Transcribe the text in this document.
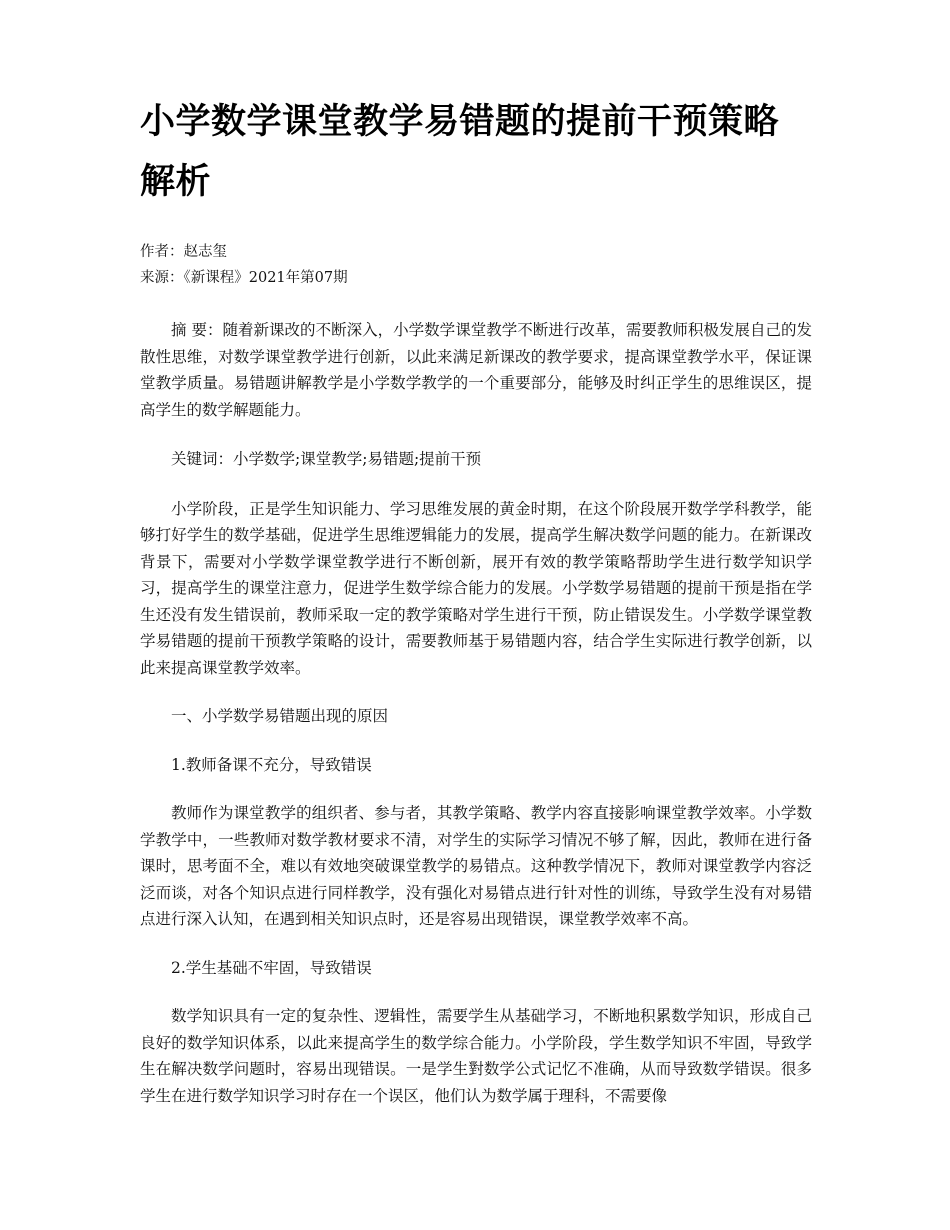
小学数学课堂教学易错题的提前干预策略解析
作者：赵志玺
来源：《新课程》2021年第07期

摘 要：随着新课改的不断深入，小学数学课堂教学不断进行改革，需要教师积极发展自己的发散性思维，对数学课堂教学进行创新，以此来满足新课改的教学要求，提高课堂教学水平，保证课堂教学质量。易错题讲解教学是小学数学教学的一个重要部分，能够及时纠正学生的思维误区，提高学生的数学解题能力。

关键词：小学数学;课堂教学;易错题;提前干预

小学阶段，正是学生知识能力、学习思维发展的黄金时期，在这个阶段展开数学学科教学，能够打好学生的数学基础，促进学生思维逻辑能力的发展，提高学生解决数学问题的能力。在新课改背景下，需要对小学数学课堂教学进行不断创新，展开有效的教学策略帮助学生进行数学知识学习，提高学生的课堂注意力，促进学生数学综合能力的发展。小学数学易错题的提前干预是指在学生还没有发生错误前，教师采取一定的教学策略对学生进行干预，防止错误发生。小学数学课堂教学易错题的提前干预教学策略的设计，需要教师基于易错题内容，结合学生实际进行教学创新，以此来提高课堂教学效率。

一、小学数学易错题出现的原因

1.教师备课不充分，导致错误

教师作为课堂教学的组织者、参与者，其教学策略、教学内容直接影响课堂教学效率。小学数学教学中，一些教师对数学教材要求不清，对学生的实际学习情况不够了解，因此，教师在进行备课时，思考面不全，难以有效地突破课堂教学的易错点。这种教学情况下，教师对课堂教学内容泛泛而谈，对各个知识点进行同样教学，没有强化对易错点进行针对性的训练，导致学生没有对易错点进行深入认知，在遇到相关知识点时，还是容易出现错误，课堂教学效率不高。

2.学生基础不牢固，导致错误

数学知识具有一定的复杂性、逻辑性，需要学生从基础学习，不断地积累数学知识，形成自己良好的数学知识体系，以此来提高学生的数学综合能力。小学阶段，学生数学知识不牢固，导致学生在解决数学问题时，容易出现错误。一是学生對数学公式记忆不准确，从而导致数学错误。很多学生在进行数学知识学习时存在一个误区，他们认为数学属于理科，不需要像
